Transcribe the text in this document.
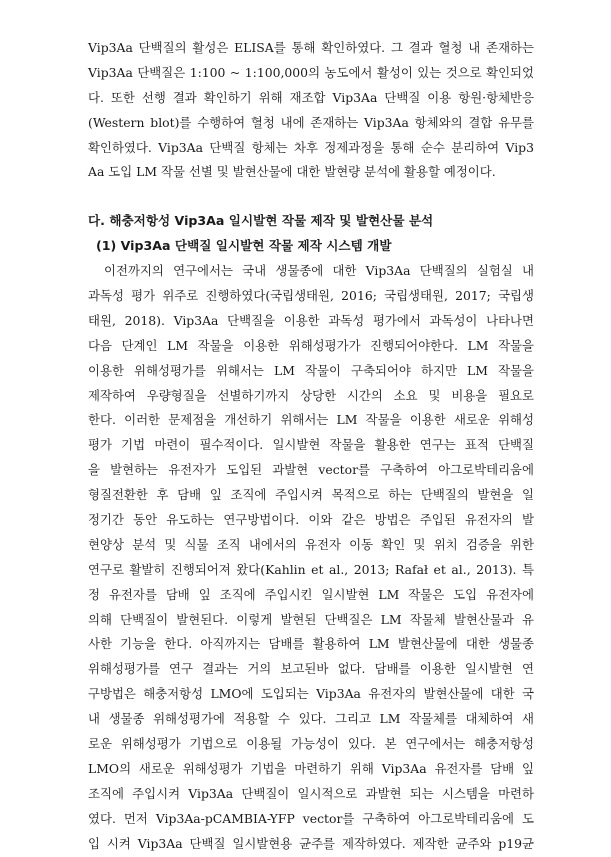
Vip3Aa 단백질의 활성은 ELISA를 통해 확인하였다. 그 결과 혈청 내 존재하는
Vip3Aa 단백질은 1:100 ~ 1:100,000의 농도에서 활성이 있는 것으로 확인되었
다. 또한 선행 결과 확인하기 위해 재조합 Vip3Aa 단백질 이용 항원·항체반응
(Western blot)를 수행하여 혈청 내에 존재하는 Vip3Aa 항체와의 결합 유무를
확인하였다. Vip3Aa 단백질 항체는 차후 정제과정을 통해 순수 분리하여 Vip3
Aa 도입 LM 작물 선별 및 발현산물에 대한 발현량 분석에 활용할 예정이다.
다. 해충저항성 Vip3Aa 일시발현 작물 제작 및 발현산물 분석
(1) Vip3Aa 단백질 일시발현 작물 제작 시스템 개발
이전까지의 연구에서는 국내 생물종에 대한 Vip3Aa 단백질의 실험실 내
과독성 평가 위주로 진행하였다(국립생태원, 2016; 국립생태원, 2017; 국립생
태원, 2018). Vip3Aa 단백질을 이용한 과독성 평가에서 과독성이 나타나면
다음 단계인 LM 작물을 이용한 위해성평가가 진행되어야한다. LM 작물을
이용한 위해성평가를 위해서는 LM 작물이 구축되어야 하지만 LM 작물을
제작하여 우량형질을 선별하기까지 상당한 시간의 소요 및 비용을 필요로
한다. 이러한 문제점을 개선하기 위해서는 LM 작물을 이용한 새로운 위해성
평가 기법 마련이 필수적이다. 일시발현 작물을 활용한 연구는 표적 단백질
을 발현하는 유전자가 도입된 과발현 vector를 구축하여 아그로박테리움에
형질전환한 후 담배 잎 조직에 주입시켜 목적으로 하는 단백질의 발현을 일
정기간 동안 유도하는 연구방법이다. 이와 같은 방법은 주입된 유전자의 발
현양상 분석 및 식물 조직 내에서의 유전자 이동 확인 및 위치 검증을 위한
연구로 활발히 진행되어져 왔다(Kahlin et al., 2013; Rafał et al., 2013). 특
정 유전자를 담배 잎 조직에 주입시킨 일시발현 LM 작물은 도입 유전자에
의해 단백질이 발현된다. 이렇게 발현된 단백질은 LM 작물체 발현산물과 유
사한 기능을 한다. 아직까지는 담배를 활용하여 LM 발현산물에 대한 생물종
위해성평가를 연구 결과는 거의 보고된바 없다. 담배를 이용한 일시발현 연
구방법은 해충저항성 LMO에 도입되는 Vip3Aa 유전자의 발현산물에 대한 국
내 생물종 위해성평가에 적용할 수 있다. 그리고 LM 작물체를 대체하여 새
로운 위해성평가 기법으로 이용될 가능성이 있다. 본 연구에서는 해충저항성
LMO의 새로운 위해성평가 기법을 마련하기 위해 Vip3Aa 유전자를 담배 잎
조직에 주입시켜 Vip3Aa 단백질이 일시적으로 과발현 되는 시스템을 마련하
였다. 먼저 Vip3Aa-pCAMBIA-YFP vector를 구축하여 아그로박테리움에 도
입 시켜 Vip3Aa 단백질 일시발현용 균주를 제작하였다. 제작한 균주와 p19균
